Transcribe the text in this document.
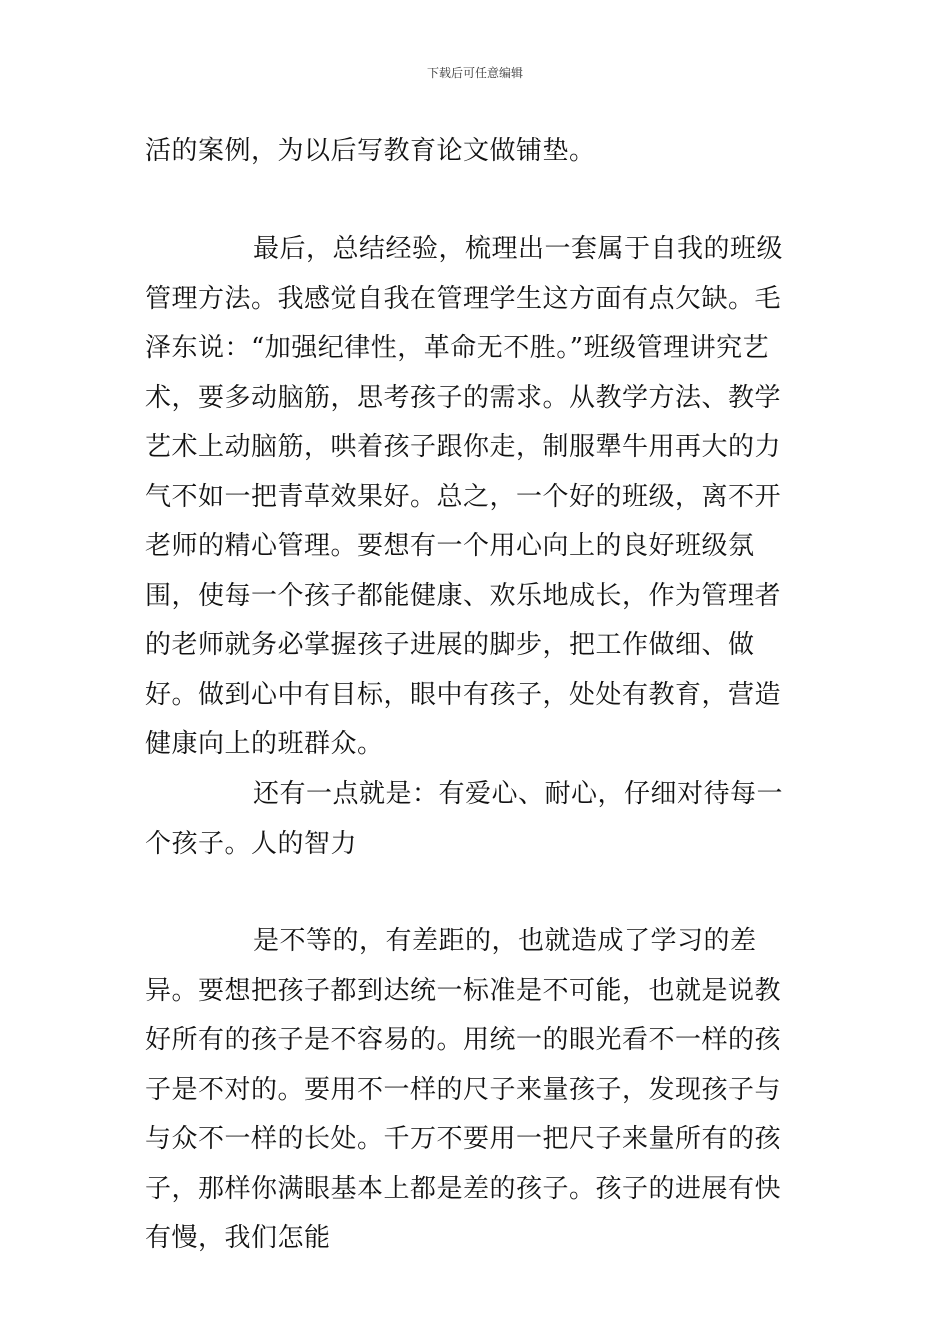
下载后可任意编辑

活的案例，为以后写教育论文做铺垫。

最后，总结经验，梳理出一套属于自我的班级管理方法。我感觉自我在管理学生这方面有点欠缺。毛泽东说：“加强纪律性，革命无不胜。”班级管理讲究艺术，要多动脑筋，思考孩子的需求。从教学方法、教学艺术上动脑筋，哄着孩子跟你走，制服犟牛用再大的力气不如一把青草效果好。总之，一个好的班级，离不开老师的精心管理。要想有一个用心向上的良好班级氛围，使每一个孩子都能健康、欢乐地成长，作为管理者的老师就务必掌握孩子进展的脚步，把工作做细、做好。做到心中有目标，眼中有孩子，处处有教育，营造健康向上的班群众。

还有一点就是：有爱心、耐心，仔细对待每一个孩子。人的智力

是不等的，有差距的，也就造成了学习的差异。要想把孩子都到达统一标准是不可能，也就是说教好所有的孩子是不容易的。用统一的眼光看不一样的孩子是不对的。要用不一样的尺子来量孩子，发现孩子与与众不一样的长处。千万不要用一把尺子来量所有的孩子，那样你满眼基本上都是差的孩子。孩子的进展有快有慢，我们怎能
